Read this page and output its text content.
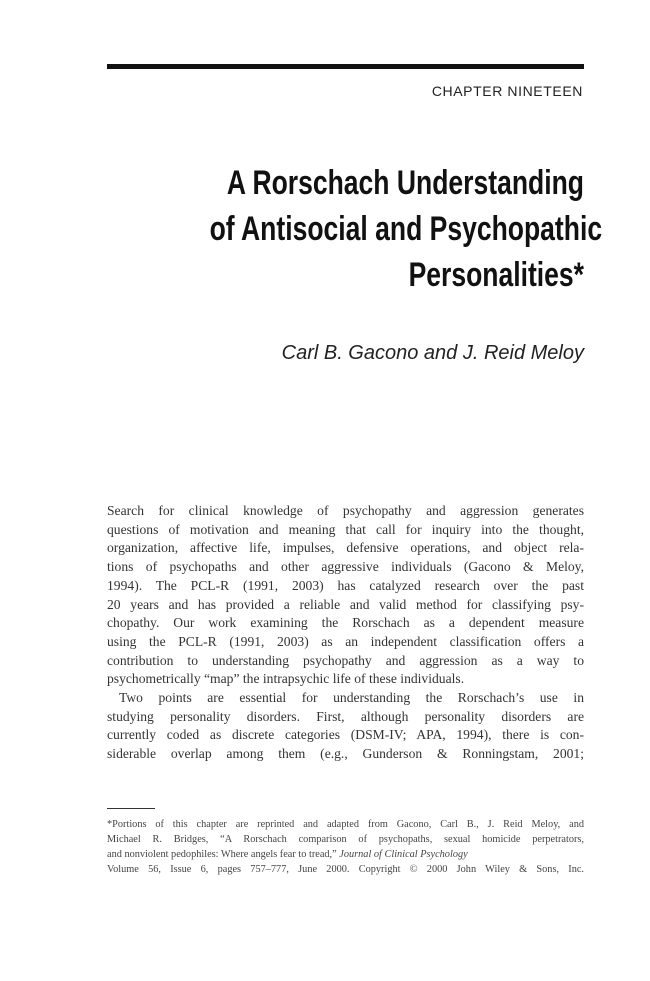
CHAPTER NINETEEN
A Rorschach Understanding
of Antisocial and Psychopathic
Personalities*
Carl B. Gacono and J. Reid Meloy

Search for clinical knowledge of psychopathy and aggression generates
questions of motivation and meaning that call for inquiry into the thought,
organization, affective life, impulses, defensive operations, and object rela-
tions of psychopaths and other aggressive individuals (Gacono & Meloy,
1994). The PCL-R (1991, 2003) has catalyzed research over the past
20 years and has provided a reliable and valid method for classifying psy-
chopathy. Our work examining the Rorschach as a dependent measure
using the PCL-R (1991, 2003) as an independent classification offers a
contribution to understanding psychopathy and aggression as a way to
psychometrically “map” the intrapsychic life of these individuals.

Two points are essential for understanding the Rorschach’s use in
studying personality disorders. First, although personality disorders are
currently coded as discrete categories (DSM-IV; APA, 1994), there is con-
siderable overlap among them (e.g., Gunderson & Ronningstam, 2001;

*Portions of this chapter are reprinted and adapted from Gacono, Carl B., J. Reid Meloy, and
Michael R. Bridges, “A Rorschach comparison of psychopaths, sexual homicide perpetrators,
and nonviolent pedophiles: Where angels fear to tread,” Journal of Clinical Psychology
Volume 56, Issue 6, pages 757–777, June 2000. Copyright © 2000 John Wiley & Sons, Inc.
